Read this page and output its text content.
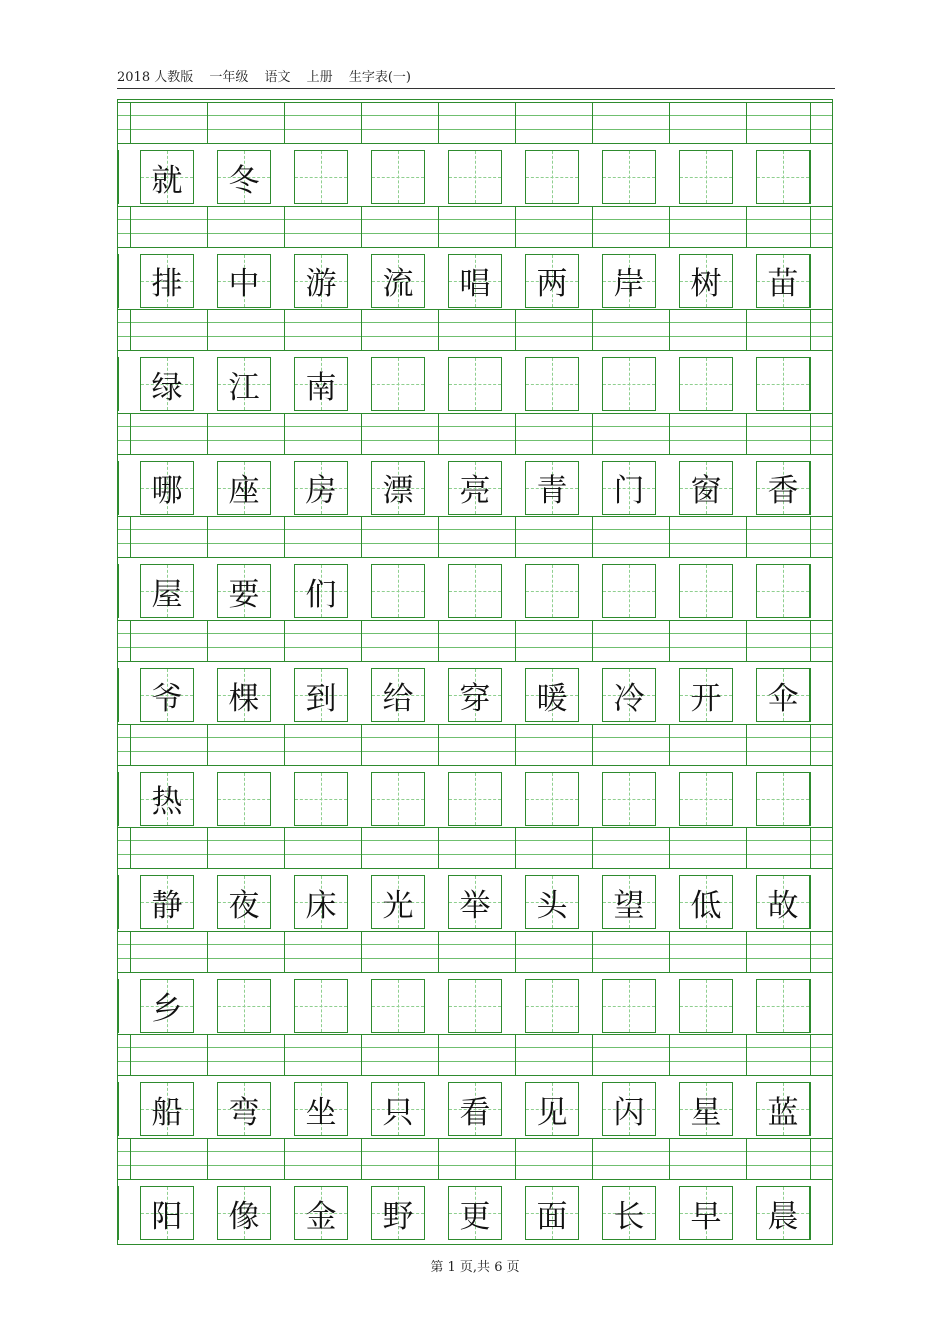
2018 人教版 一年级 语文 上册 生字表(一)
就 冬
排 中 游 流 唱 两 岸 树 苗
绿 江 南
哪 座 房 漂 亮 青 门 窗 香
屋 要 们
爷 棵 到 给 穿 暖 冷 开 伞
热
静 夜 床 光 举 头 望 低 故
乡
船 弯 坐 只 看 见 闪 星 蓝
阳 像 金 野 更 面 长 早 晨
第 1 页,共 6 页
